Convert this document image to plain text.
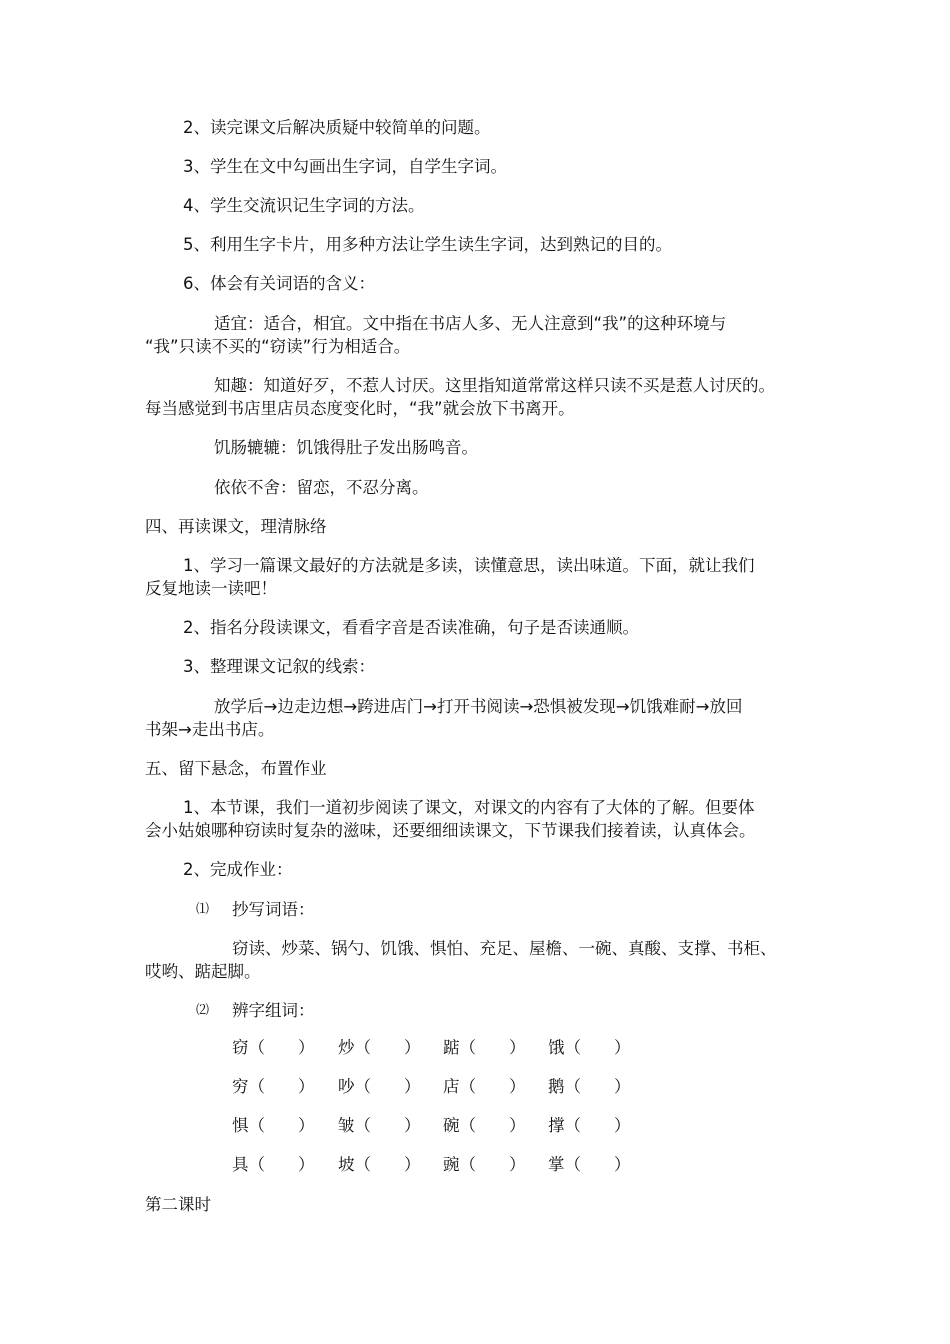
2、读完课文后解决质疑中较简单的问题。

3、学生在文中勾画出生字词，自学生字词。

4、学生交流识记生字词的方法。

5、利用生字卡片，用多种方法让学生读生字词，达到熟记的目的。

6、体会有关词语的含义：

适宜：适合，相宜。文中指在书店人多、无人注意到“我”的这种环境与

“我”只读不买的“窃读”行为相适合。

知趣：知道好歹，不惹人讨厌。这里指知道常常这样只读不买是惹人讨厌的。

每当感觉到书店里店员态度变化时，“我”就会放下书离开。

饥肠辘辘：饥饿得肚子发出肠鸣音。

依依不舍：留恋，不忍分离。

四、再读课文，理清脉络

1、学习一篇课文最好的方法就是多读，读懂意思，读出味道。下面，就让我们

反复地读一读吧！

2、指名分段读课文，看看字音是否读准确，句子是否读通顺。

3、整理课文记叙的线索：

放学后→边走边想→跨进店门→打开书阅读→恐惧被发现→饥饿难耐→放回

书架→走出书店。

五、留下悬念，布置作业

1、本节课，我们一道初步阅读了课文，对课文的内容有了大体的了解。但要体

会小姑娘哪种窃读时复杂的滋味，还要细细读课文，下节课我们接着读，认真体会。

2、完成作业：

⑴ 抄写词语：

窃读、炒菜、锅勺、饥饿、惧怕、充足、屋檐、一碗、真酸、支撑、书柜、

哎哟、踮起脚。

⑵ 辨字组词：

窃（　　） 炒（　　） 踮（　　） 饿（　　）
穷（　　） 吵（　　） 店（　　） 鹅（　　）
惧（　　） 皱（　　） 碗（　　） 撑（　　）
具（　　） 坡（　　） 豌（　　） 掌（　　）

第二课时
